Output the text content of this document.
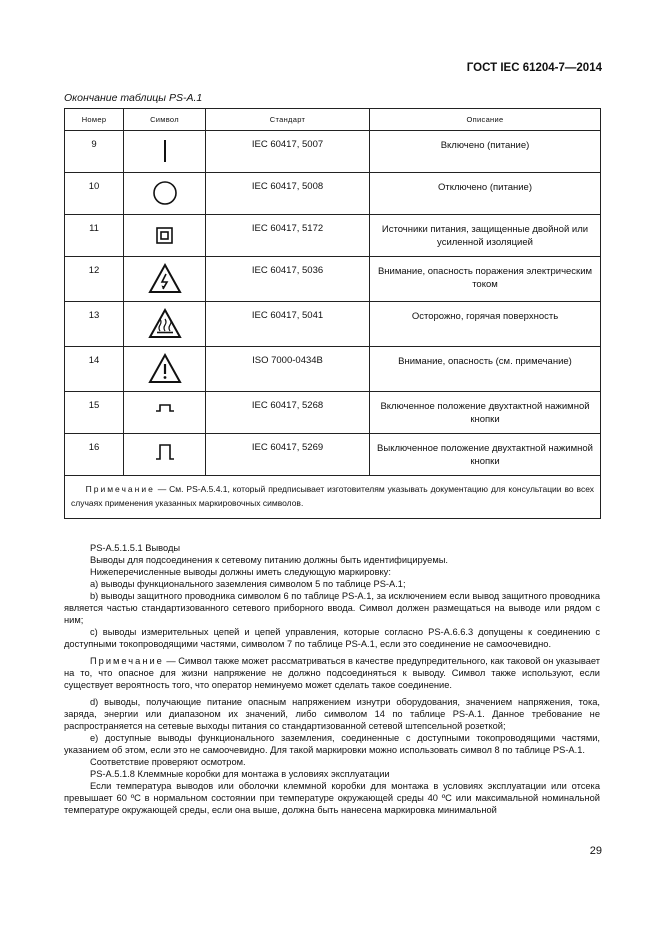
ГОСТ IEC 61204-7—2014
Окончание таблицы PS-A.1
Номер	Символ	Стандарт	Описание
9		IEC 60417, 5007	Включено (питание)
10		IEC 60417, 5008	Отключено (питание)
11		IEC 60417, 5172	Источники питания, защищенные двойной или усиленной изоляцией
12		IEC 60417, 5036	Внимание, опасность поражения электрическим током
13		IEC 60417, 5041	Осторожно, горячая поверхность
14		ISO 7000-0434B	Внимание, опасность (см. примечание)
15		IEC 60417, 5268	Включенное положение двухтактной нажимной кнопки
16		IEC 60417, 5269	Выключенное положение двухтактной нажимной кнопки
Примечание — См. PS-A.5.4.1, который предписывает изготовителям указывать документацию для консультации во всех случаях применения указанных маркировочных символов.			

PS-A.5.1.5.1 Выводы

Выводы для подсоединения к сетевому питанию должны быть идентифицируемы.

Нижеперечисленные выводы должны иметь следующую маркировку:

а) выводы функционального заземления символом 5 по таблице PS-A.1;

b) выводы защитного проводника символом 6 по таблице PS-A.1, за исключением если вывод защитного проводника является частью стандартизованного сетевого приборного ввода. Символ должен размещаться на выводе или рядом с ним;

c) выводы измерительных цепей и цепей управления, которые согласно PS-A.6.6.3 допущены к соединению с доступными токопроводящими частями, символом 7 по таблице PS-A.1, если это соединение не самоочевидно.

Примечание — Символ также может рассматриваться в качестве предупредительного, как таковой он указывает на то, что опасное для жизни напряжение не должно подсоединяться к выводу. Символ также используют, если существует вероятность того, что оператор неминуемо может сделать такое соединение.

d) выводы, получающие питание опасным напряжением изнутри оборудования, значением напряжения, тока, заряда, энергии или диапазоном их значений, либо символом 14 по таблице PS-A.1. Данное требование не распространяется на сетевые выходы питания со стандартизованной сетевой штепсельной розеткой;

e) доступные выводы функционального заземления, соединенные с доступными токопроводящими частями, указанием об этом, если это не самоочевидно. Для такой маркировки можно использовать символ 8 по таблице PS-A.1.

Соответствие проверяют осмотром.

PS-A.5.1.8 Клеммные коробки для монтажа в условиях эксплуатации

Если температура выводов или оболочки клеммной коробки для монтажа в условиях эксплуатации или отсека превышает 60 ºС в нормальном состоянии при температуре окружающей среды 40 ºС или максимальной номинальной температуре окружающей среды, если она выше, должна быть нанесена маркировка минимальной

29
